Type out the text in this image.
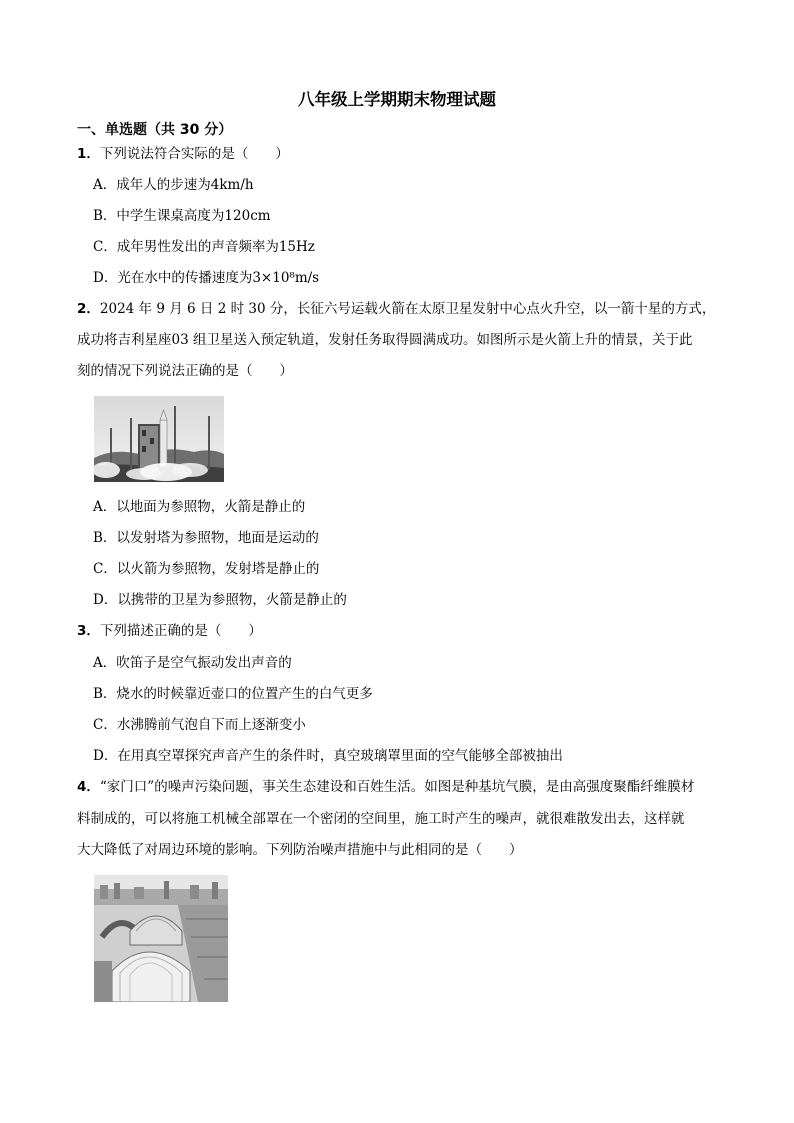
八年级上学期期末物理试题
一、单选题（共 30 分）
1．下列说法符合实际的是（　　）
A．成年人的步速为4km/h
B．中学生课桌高度为120cm
C．成年男性发出的声音频率为15Hz
D．光在水中的传播速度为3×10⁸m/s
2．2024 年 9 月 6 日 2 时 30 分，长征六号运载火箭在太原卫星发射中心点火升空，以一箭十星的方式，
成功将吉利星座03 组卫星送入预定轨道，发射任务取得圆满成功。如图所示是火箭上升的情景，关于此
刻的情况下列说法正确的是（　　）
A．以地面为参照物，火箭是静止的
B．以发射塔为参照物，地面是运动的
C．以火箭为参照物，发射塔是静止的
D．以携带的卫星为参照物，火箭是静止的
3．下列描述正确的是（　　）
A．吹笛子是空气振动发出声音的
B．烧水的时候靠近壶口的位置产生的白气更多
C．水沸腾前气泡自下而上逐渐变小
D．在用真空罩探究声音产生的条件时，真空玻璃罩里面的空气能够全部被抽出
4．“家门口”的噪声污染问题，事关生态建设和百姓生活。如图是种基坑气膜，是由高强度聚酯纤维膜材
料制成的，可以将施工机械全部罩在一个密闭的空间里，施工时产生的噪声，就很难散发出去，这样就
大大降低了对周边环境的影响。下列防治噪声措施中与此相同的是（　　）
